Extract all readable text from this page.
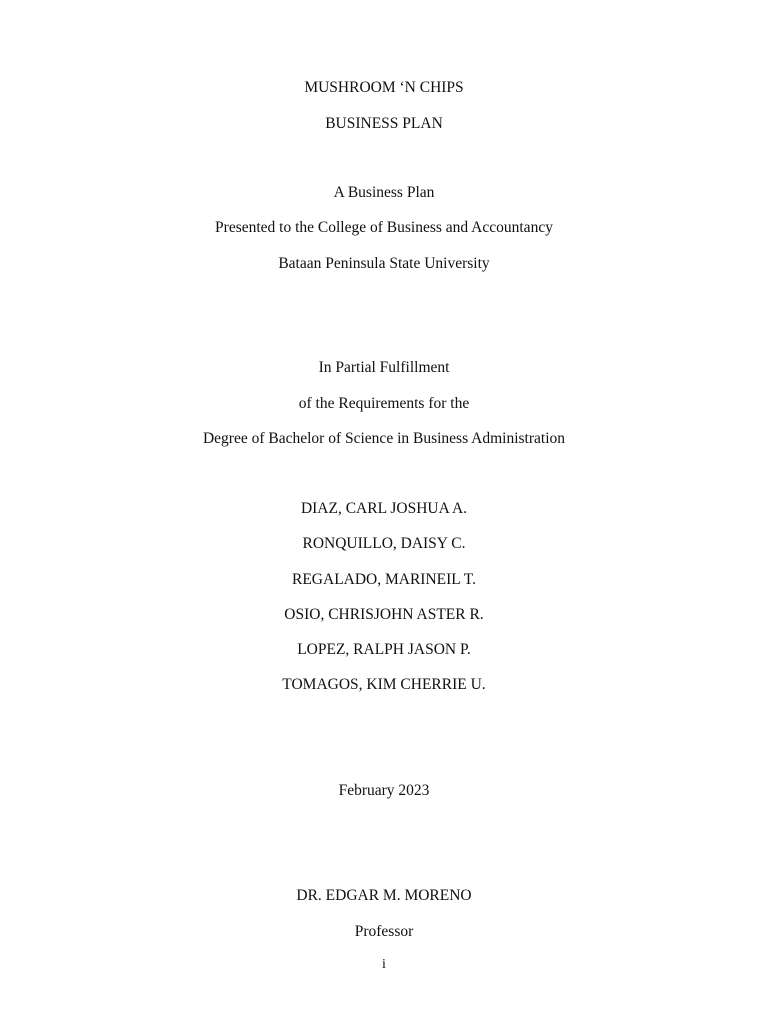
MUSHROOM ‘N CHIPS
BUSINESS PLAN
A Business Plan
Presented to the College of Business and Accountancy
Bataan Peninsula State University
In Partial Fulfillment
of the Requirements for the
Degree of Bachelor of Science in Business Administration
DIAZ, CARL JOSHUA A.
RONQUILLO, DAISY C.
REGALADO, MARINEIL T.
OSIO, CHRISJOHN ASTER R.
LOPEZ, RALPH JASON P.
TOMAGOS, KIM CHERRIE U.
February 2023
DR. EDGAR M. MORENO
Professor
i
